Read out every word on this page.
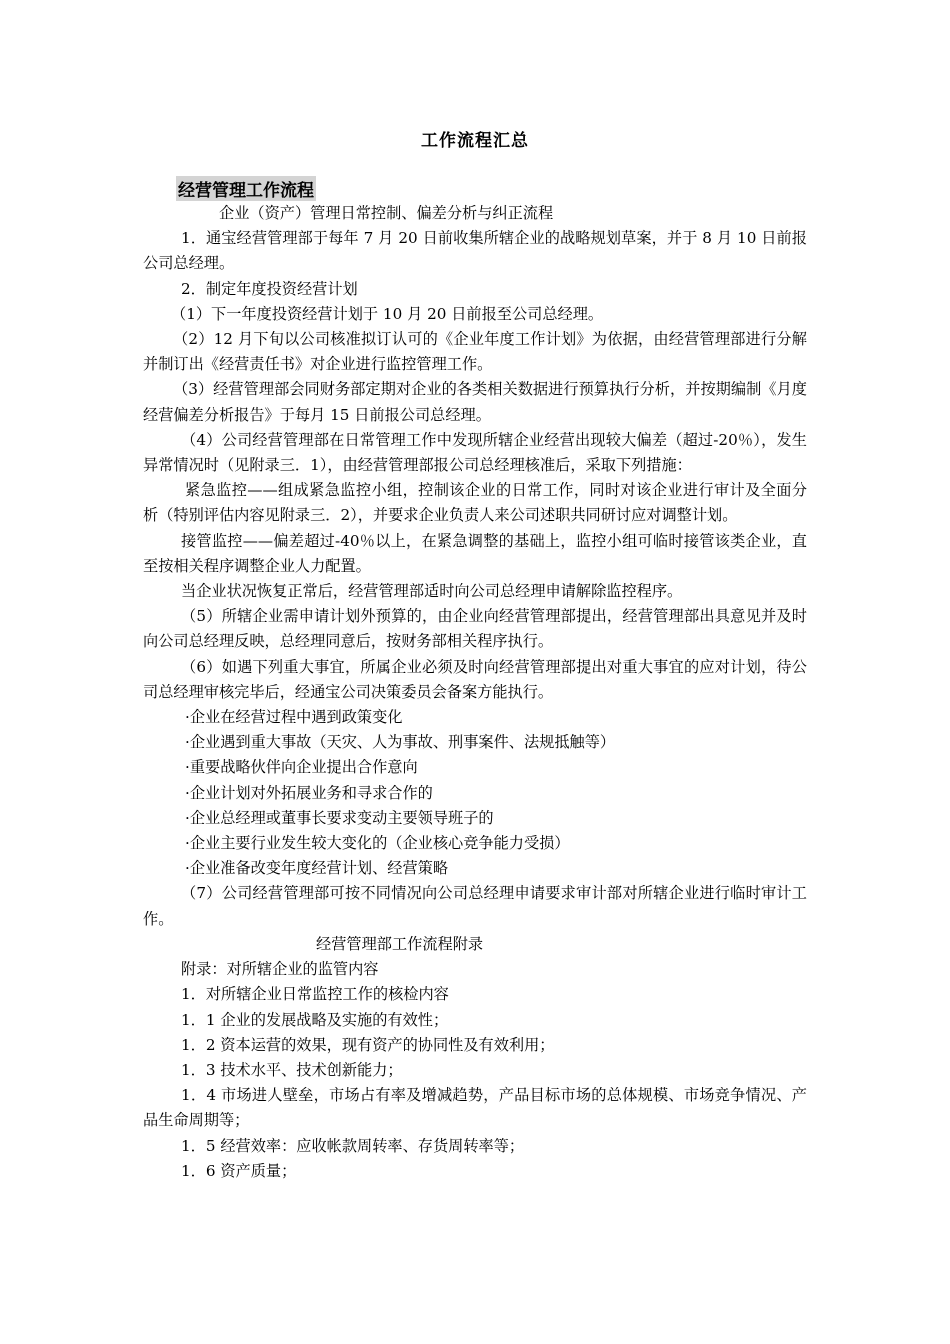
工作流程汇总
经营管理工作流程

企业（资产）管理日常控制、偏差分析与纠正流程

1．通宝经营管理部于每年 7 月 20 日前收集所辖企业的战略规划草案，并于 8 月 10 日前报公司总经理。

2．制定年度投资经营计划

（1）下一年度投资经营计划于 10 月 20 日前报至公司总经理。

（2）12 月下旬以公司核准拟订认可的《企业年度工作计划》为依据，由经营管理部进行分解并制订出《经营责任书》对企业进行监控管理工作。

（3）经营管理部会同财务部定期对企业的各类相关数据进行预算执行分析，并按期编制《月度经营偏差分析报告》于每月 15 日前报公司总经理。

（4）公司经营管理部在日常管理工作中发现所辖企业经营出现较大偏差（超过-20％），发生异常情况时（见附录三．1），由经营管理部报公司总经理核准后，采取下列措施：

紧急监控——组成紧急监控小组，控制该企业的日常工作，同时对该企业进行审计及全面分析（特别评估内容见附录三．2），并要求企业负责人来公司述职共同研讨应对调整计划。

接管监控——偏差超过-40％以上，在紧急调整的基础上，监控小组可临时接管该类企业，直至按相关程序调整企业人力配置。

当企业状况恢复正常后，经营管理部适时向公司总经理申请解除监控程序。

（5）所辖企业需申请计划外预算的，由企业向经营管理部提出，经营管理部出具意见并及时向公司总经理反映，总经理同意后，按财务部相关程序执行。

（6）如遇下列重大事宜，所属企业必须及时向经营管理部提出对重大事宜的应对计划，待公司总经理审核完毕后，经通宝公司决策委员会备案方能执行。

·企业在经营过程中遇到政策变化

·企业遇到重大事故（天灾、人为事故、刑事案件、法规抵触等）

·重要战略伙伴向企业提出合作意向

·企业计划对外拓展业务和寻求合作的

·企业总经理或董事长要求变动主要领导班子的

·企业主要行业发生较大变化的（企业核心竞争能力受损）

·企业准备改变年度经营计划、经营策略

（7）公司经营管理部可按不同情况向公司总经理申请要求审计部对所辖企业进行临时审计工作。

经营管理部工作流程附录

附录：对所辖企业的监管内容

1．对所辖企业日常监控工作的核检内容

1．1 企业的发展战略及实施的有效性；

1．2 资本运营的效果，现有资产的协同性及有效利用；

1．3 技术水平、技术创新能力；

1．4 市场进人壁垒，市场占有率及增减趋势，产品目标市场的总体规模、市场竞争情况、产品生命周期等；

1．5 经营效率：应收帐款周转率、存货周转率等；

1．6 资产质量；
